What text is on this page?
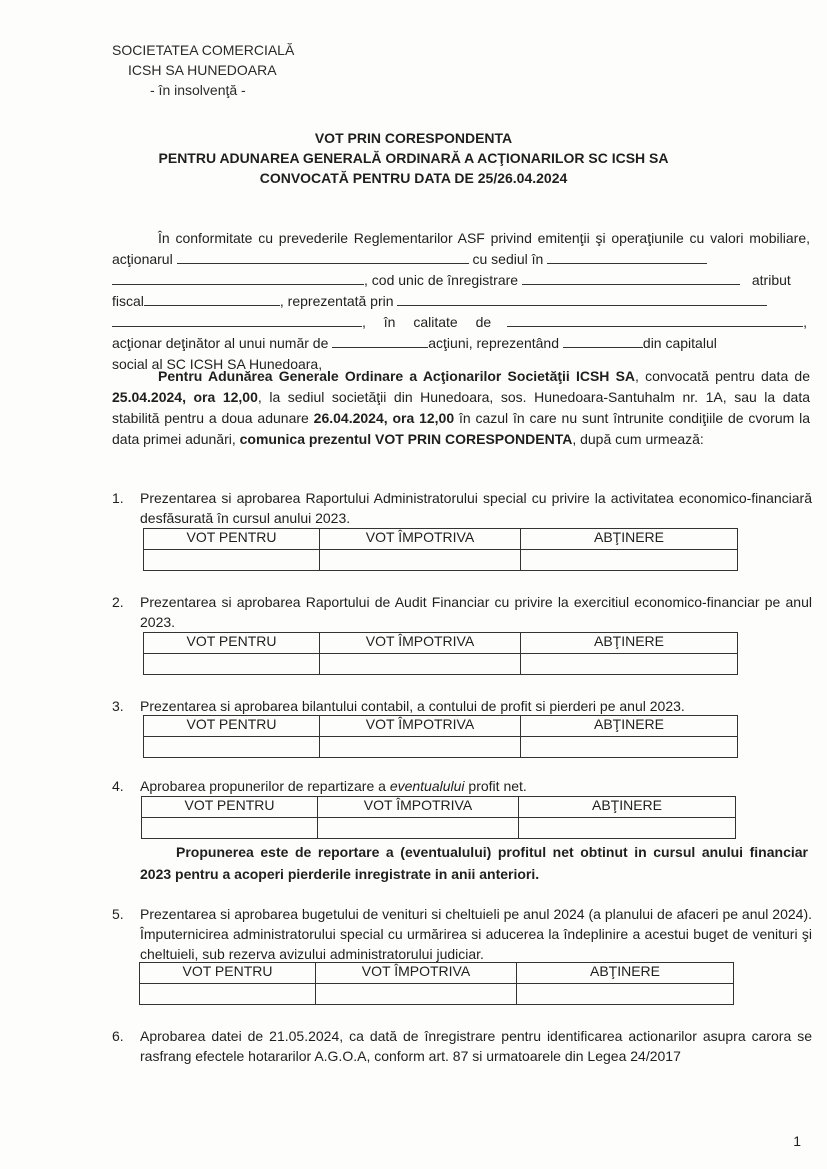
SOCIETATEA COMERCIALĂ
ICSH SA HUNEDOARA
- în insolvenţă -
VOT PRIN CORESPONDENTA
PENTRU ADUNAREA GENERALĂ ORDINARĂ A ACŢIONARILOR SC ICSH SA
CONVOCATĂ PENTRU DATA DE 25/26.04.2024
În conformitate cu prevederile Reglementarilor ASF privind emitenţii şi operaţiunile cu valori mobiliare, acţionarul	cu sediul în
, cod unic de înregistrare	atribut
fiscal	, reprezentată prin
, în calitate de	,
acţionar deţinător al unui număr de	acţiuni, reprezentând	din capitalul
social al SC ICSH SA Hunedoara,
Pentru Adunărea Generale Ordinare a Acţionarilor Societăţii ICSH SA, convocată pentru data de 25.04.2024, ora 12,00, la sediul societăţii din Hunedoara, sos. Hunedoara-Santuhalm nr. 1A, sau la data stabilită pentru a doua adunare 26.04.2024, ora 12,00 în cazul în care nu sunt întrunite condiţiile de cvorum la data primei adunări, comunica prezentul VOT PRIN CORESPONDENTA, după cum urmează:
1.	Prezentarea si aprobarea Raportului Administratorului special cu privire la activitatea economico-financiară desfăsurată în cursul anului 2023.
VOT PENTRU	VOT ÎMPOTRIVA	ABŢINERE

2.	Prezentarea si aprobarea Raportului de Audit Financiar cu privire la exercitiul economico-financiar pe anul 2023.
VOT PENTRU	VOT ÎMPOTRIVA	ABŢINERE

3.	Prezentarea si aprobarea bilantului contabil, a contului de profit si pierderi pe anul 2023.
VOT PENTRU	VOT ÎMPOTRIVA	ABŢINERE

4.	Aprobarea propunerilor de repartizare a eventualului profit net.
VOT PENTRU	VOT ÎMPOTRIVA	ABŢINERE

Propunerea este de reportare a (eventualului) profitul net obtinut in cursul anului financiar 2023 pentru a acoperi pierderile inregistrate in anii anteriori.
5.	Prezentarea si aprobarea bugetului de venituri si cheltuieli pe anul 2024 (a planului de afaceri pe anul 2024). Împuternicirea administratorului special cu urmărirea si aducerea la îndeplinire a acestui buget de venituri şi cheltuieli, sub rezerva avizului administratorului judiciar.
VOT PENTRU	VOT ÎMPOTRIVA	ABŢINERE

6.	Aprobarea datei de 21.05.2024, ca dată de înregistrare pentru identificarea actionarilor asupra carora se rasfrang efectele hotararilor A.G.O.A, conform art. 87 si urmatoarele din Legea 24/2017
1
